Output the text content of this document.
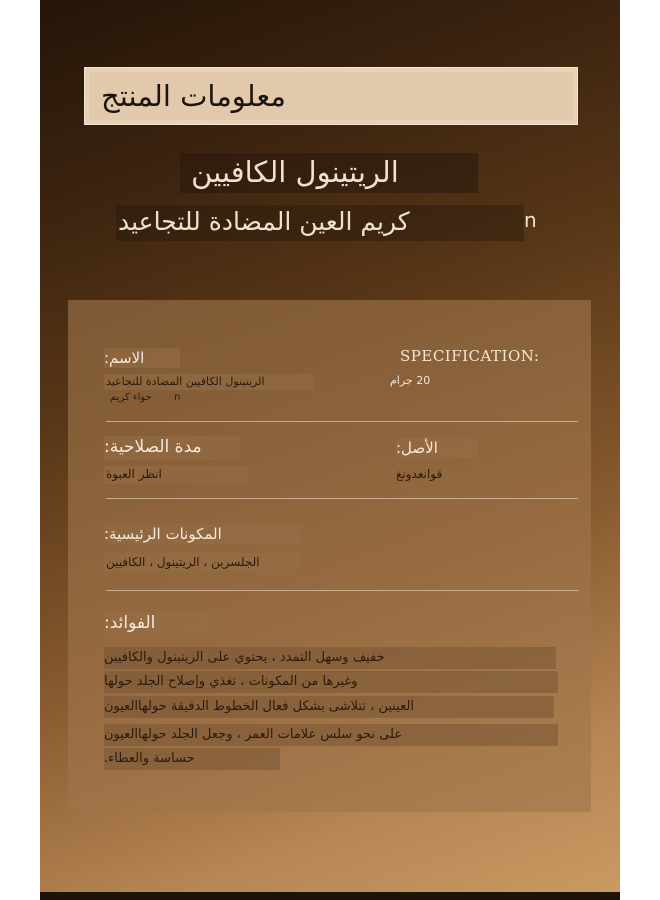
معلومات المنتج
الريتينول الكافيين
كريم العين المضادة للتجاعيد	n
الاسم:
الريتينول الكافيين المضادة للتجاعيد
حواء كريم n
SPECIFICATION:
20 جرام
مدة الصلاحية:
انظر العبوة
الأصل:
قوانغدونغ
المكونات الرئيسية:
الجلسرين ، الريتينول ، الكافيين
الفوائد:
خفيف وسهل التمدد ، يحتوي على الريتينول والكافيين
وغيرها من المكونات ، تغذي وإصلاح الجلد حولها
العينين ، تتلاشى بشكل فعال الخطوط الدقيقة حولهاالعيون
على نحو سلس علامات العمر ، وجعل الجلد حولهاالعيون
حساسة والعطاء.
